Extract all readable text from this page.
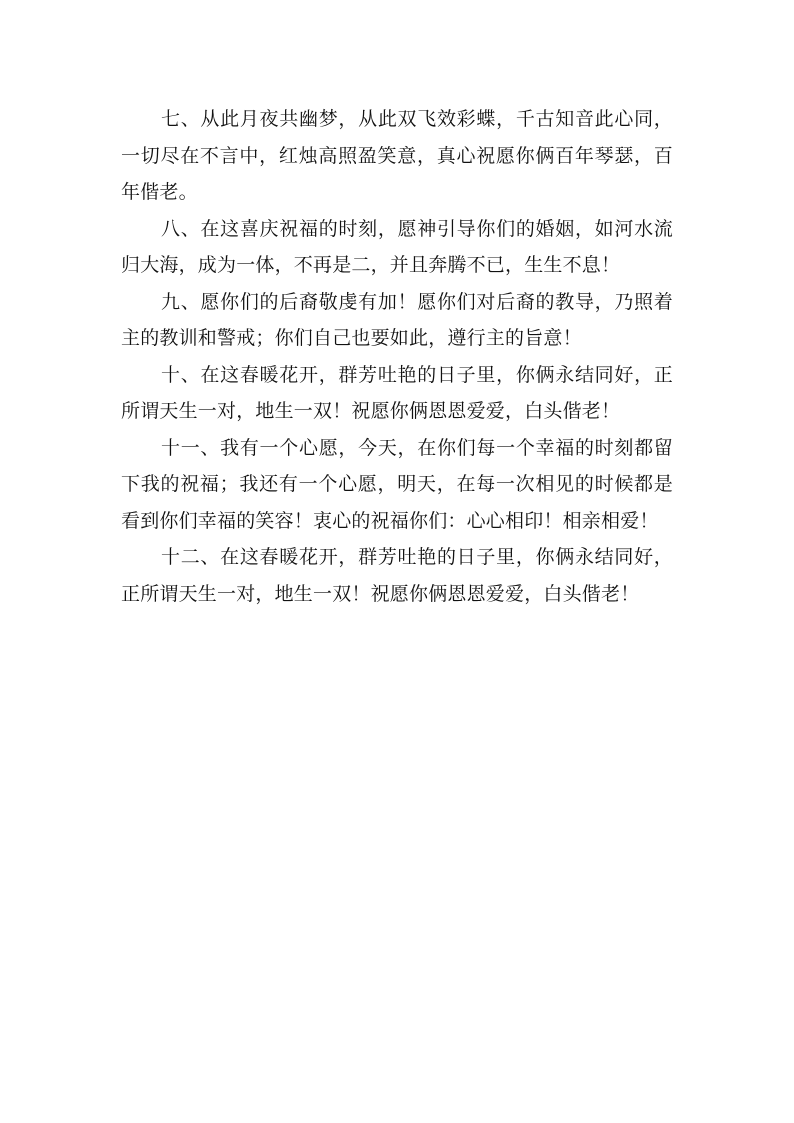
七、从此月夜共幽梦，从此双飞效彩蝶，千古知音此心同，一切尽在不言中，红烛高照盈笑意，真心祝愿你俩百年琴瑟，百年偕老。

八、在这喜庆祝福的时刻，愿神引导你们的婚姻，如河水流归大海，成为一体，不再是二，并且奔腾不已，生生不息！

九、愿你们的后裔敬虔有加！愿你们对后裔的教导，乃照着主的教训和警戒；你们自己也要如此，遵行主的旨意！

十、在这春暖花开，群芳吐艳的日子里，你俩永结同好，正所谓天生一对，地生一双！祝愿你俩恩恩爱爱，白头偕老！

十一、我有一个心愿，今天，在你们每一个幸福的时刻都留下我的祝福；我还有一个心愿，明天，在每一次相见的时候都是看到你们幸福的笑容！衷心的祝福你们：心心相印！相亲相爱！

十二、在这春暖花开，群芳吐艳的日子里，你俩永结同好，正所谓天生一对，地生一双！祝愿你俩恩恩爱爱，白头偕老！
